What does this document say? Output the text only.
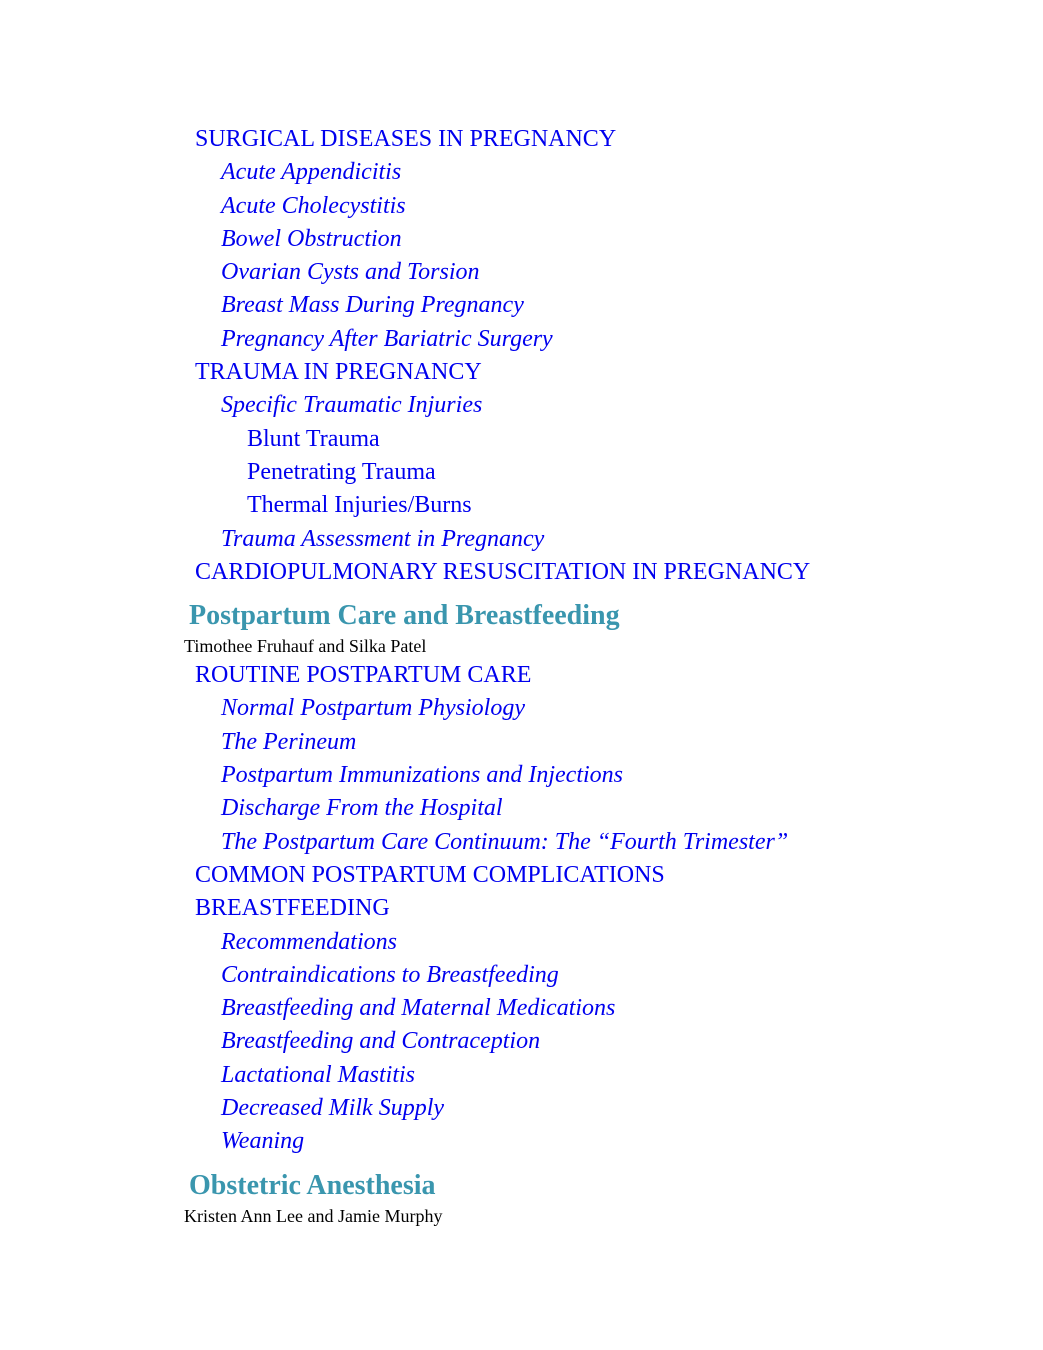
SURGICAL DISEASES IN PREGNANCY
Acute Appendicitis
Acute Cholecystitis
Bowel Obstruction
Ovarian Cysts and Torsion
Breast Mass During Pregnancy
Pregnancy After Bariatric Surgery
TRAUMA IN PREGNANCY
Specific Traumatic Injuries
Blunt Trauma
Penetrating Trauma
Thermal Injuries/Burns
Trauma Assessment in Pregnancy
CARDIOPULMONARY RESUSCITATION IN PREGNANCY
Postpartum Care and Breastfeeding
Timothee Fruhauf and Silka Patel
ROUTINE POSTPARTUM CARE
Normal Postpartum Physiology
The Perineum
Postpartum Immunizations and Injections
Discharge From the Hospital
The Postpartum Care Continuum: The “Fourth Trimester”
COMMON POSTPARTUM COMPLICATIONS
BREASTFEEDING
Recommendations
Contraindications to Breastfeeding
Breastfeeding and Maternal Medications
Breastfeeding and Contraception
Lactational Mastitis
Decreased Milk Supply
Weaning
Obstetric Anesthesia
Kristen Ann Lee and Jamie Murphy
